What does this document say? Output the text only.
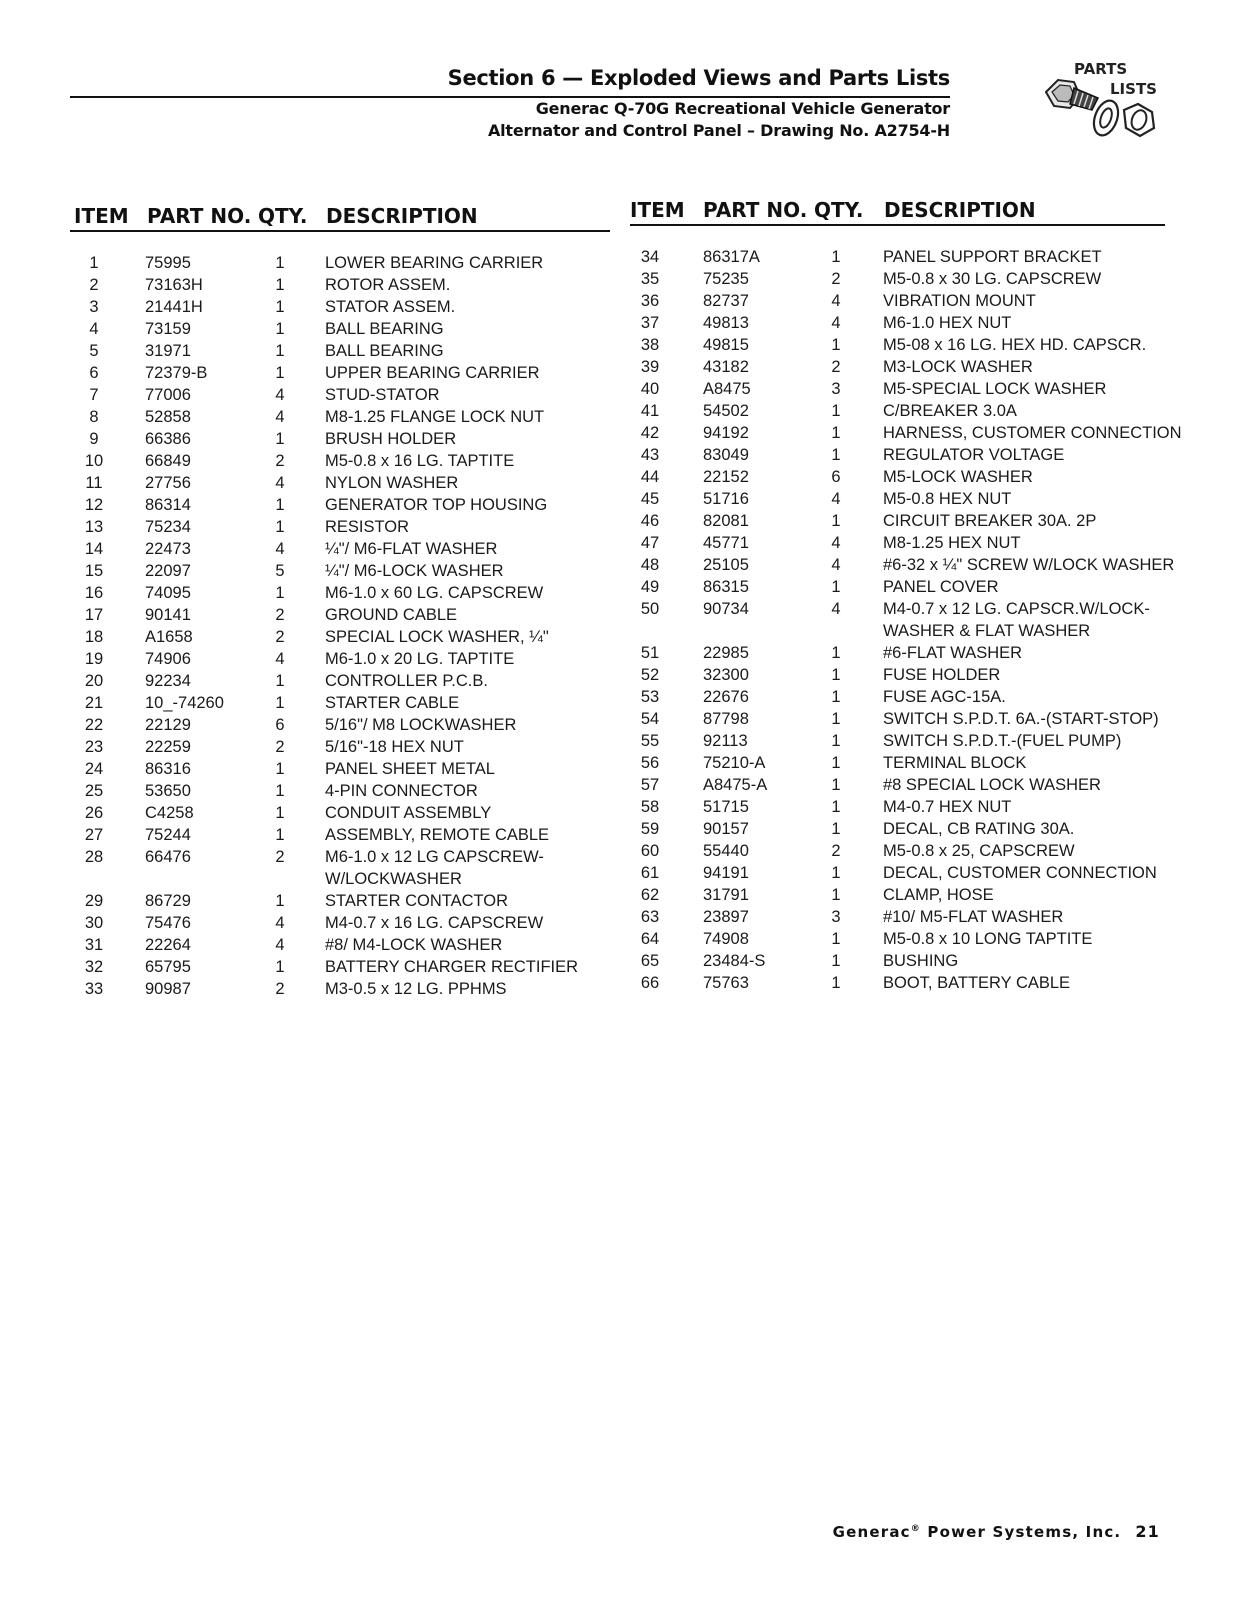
Section 6 — Exploded Views and Parts Lists
Generac Q-70G Recreational Vehicle Generator
Alternator and Control Panel – Drawing No. A2754-H
PARTS
LISTS
ITEM PART NO. QTY. DESCRIPTION
1	75995	1	LOWER BEARING CARRIER
2	73163H	1	ROTOR ASSEM.
3	21441H	1	STATOR ASSEM.
4	73159	1	BALL BEARING
5	31971	1	BALL BEARING
6	72379-B	1	UPPER BEARING CARRIER
7	77006	4	STUD-STATOR
8	52858	4	M8-1.25 FLANGE LOCK NUT
9	66386	1	BRUSH HOLDER
10	66849	2	M5-0.8 x 16 LG. TAPTITE
11	27756	4	NYLON WASHER
12	86314	1	GENERATOR TOP HOUSING
13	75234	1	RESISTOR
14	22473	4	¼"/ M6-FLAT WASHER
15	22097	5	¼"/ M6-LOCK WASHER
16	74095	1	M6-1.0 x 60 LG. CAPSCREW
17	90141	2	GROUND CABLE
18	A1658	2	SPECIAL LOCK WASHER, ¼"
19	74906	4	M6-1.0 x 20 LG. TAPTITE
20	92234	1	CONTROLLER P.C.B.
21	10_-74260	1	STARTER CABLE
22	22129	6	5/16"/ M8 LOCKWASHER
23	22259	2	5/16"-18 HEX NUT
24	86316	1	PANEL SHEET METAL
25	53650	1	4-PIN CONNECTOR
26	C4258	1	CONDUIT ASSEMBLY
27	75244	1	ASSEMBLY, REMOTE CABLE
28	66476	2	M6-1.0 x 12 LG CAPSCREW-
W/LOCKWASHER
29	86729	1	STARTER CONTACTOR
30	75476	4	M4-0.7 x 16 LG. CAPSCREW
31	22264	4	#8/ M4-LOCK WASHER
32	65795	1	BATTERY CHARGER RECTIFIER
33	90987	2	M3-0.5 x 12 LG. PPHMS
ITEM PART NO. QTY. DESCRIPTION
34	86317A	1	PANEL SUPPORT BRACKET
35	75235	2	M5-0.8 x 30 LG. CAPSCREW
36	82737	4	VIBRATION MOUNT
37	49813	4	M6-1.0 HEX NUT
38	49815	1	M5-08 x 16 LG. HEX HD. CAPSCR.
39	43182	2	M3-LOCK WASHER
40	A8475	3	M5-SPECIAL LOCK WASHER
41	54502	1	C/BREAKER 3.0A
42	94192	1	HARNESS, CUSTOMER CONNECTION
43	83049	1	REGULATOR VOLTAGE
44	22152	6	M5-LOCK WASHER
45	51716	4	M5-0.8 HEX NUT
46	82081	1	CIRCUIT BREAKER 30A. 2P
47	45771	4	M8-1.25 HEX NUT
48	25105	4	#6-32 x ¼" SCREW W/LOCK WASHER
49	86315	1	PANEL COVER
50	90734	4	M4-0.7 x 12 LG. CAPSCR.W/LOCK-
WASHER & FLAT WASHER
51	22985	1	#6-FLAT WASHER
52	32300	1	FUSE HOLDER
53	22676	1	FUSE AGC-15A.
54	87798	1	SWITCH S.P.D.T. 6A.-(START-STOP)
55	92113	1	SWITCH S.P.D.T.-(FUEL PUMP)
56	75210-A	1	TERMINAL BLOCK
57	A8475-A	1	#8 SPECIAL LOCK WASHER
58	51715	1	M4-0.7 HEX NUT
59	90157	1	DECAL, CB RATING 30A.
60	55440	2	M5-0.8 x 25, CAPSCREW
61	94191	1	DECAL, CUSTOMER CONNECTION
62	31791	1	CLAMP, HOSE
63	23897	3	#10/ M5-FLAT WASHER
64	74908	1	M5-0.8 x 10 LONG TAPTITE
65	23484-S	1	BUSHING
66	75763	1	BOOT, BATTERY CABLE
Generac® Power Systems, Inc. 21
